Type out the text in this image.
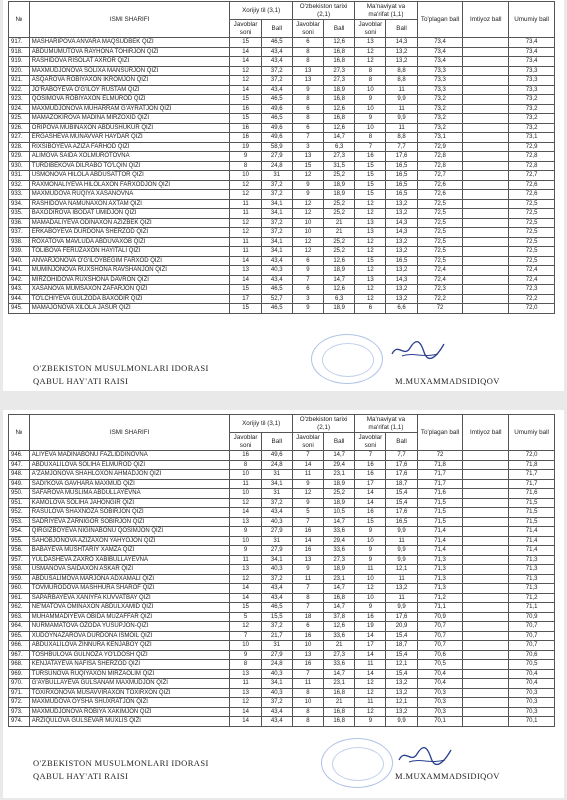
№	ISMI SHARIFI	Xorijiy til (3,1)		O'zbekiston tarixi (2,1)		Ma'naviyat va ma'rifat (1,1)		To'plagan ball	Imtiyoz ball	Umumiy ball
		Javoblar soni	Ball	Javoblar soni	Ball	Javoblar soni	Ball			
917.	MASHARIPOVA ANVARA MAQSUDBEK QIZI	15	46,5	6	12,6	13	14,3	73,4		73,4
918.	ABDUMUMUTOVA RAYHONA TOHIRJON QIZI	14	43,4	8	16,8	12	13,2	73,4		73,4
919.	RASHIDOVA RISOLAT AXROR QIZI	14	43,4	8	16,8	12	13,2	73,4		73,4
920.	MAXMUDJONOVA SOLIXA MANSURJON QIZI	12	37,2	13	27,3	8	8,8	73,3		73,3
921.	ASQAROVA ROBIYAXON IKROMJON QIZI	12	37,2	13	27,3	8	8,8	73,3		73,3
922.	JO'RABOYEVA O'G'ILOY RUSTAM QIZI	14	43,4	9	18,9	10	11	73,3		73,3
923.	QOSIMOVA ROBIYAXON ELMUROD QIZI	15	46,5	8	16,8	9	9,9	73,2		73,2
924.	MAXMUDJONOVA MUHARRAM G'AYRATJON QIZI	16	49,6	6	12,6	10	11	73,2		73,2
925.	MAMAZOKIROVA MADINA MIRZOXID QIZI	15	46,5	8	16,8	9	9,9	73,2		73,2
926.	ORIPOVA MUBINAXON ABDUSHUKUR QIZI	16	49,6	6	12,6	10	11	73,2		73,2
927.	ERGASHEVA MUNAVVAR HAYDAR QIZI	16	49,6	7	14,7	8	8,8	73,1		73,1
928.	RIXSIBOYEVA AZIZA FARHOD QIZI	19	58,9	3	6,3	7	7,7	72,9		72,9
929.	ALIMOVA SAIDA XOLMUROTOVNA	9	27,9	13	27,3	16	17,6	72,8		72,8
930.	TURDIBEKOVA DILRABO TO'LQIN QIZI	8	24,8	15	31,5	15	16,5	72,8		72,8
931.	USMONOVA HILOLA ABDUSATTOR QIZI	10	31	12	25,2	15	16,5	72,7		72,7
932.	RAXMONALIYEVA HILOLAXON FARXODJON QIZI	12	37,2	9	18,9	15	16,5	72,6		72,6
933.	MAXMUDOVA RUQIYA XASANOVNA	12	37,2	9	18,9	15	16,5	72,6		72,6
934.	RASHIDOVA NAMUNAXON AXTAM QIZI	11	34,1	12	25,2	12	13,2	72,5		72,5
935.	BAXODIROVA IBODAT UMIDJON QIZI	11	34,1	12	25,2	12	13,2	72,5		72,5
936.	MAMADALIYEVA ODINAXON AZIZBEK QIZI	12	37,2	10	21	13	14,3	72,5		72,5
937.	ERKABOYEVA DURDONA SHERZOD QIZI	12	37,2	10	21	13	14,3	72,5		72,5
938.	ROXATOVA MAVLUDA ABDUVAXOB QIZI	11	34,1	12	25,2	12	13,2	72,5		72,5
939.	TOLIBOVA FERUZAXON HAYITALI QIZI	11	34,1	12	25,2	12	13,2	72,5		72,5
940.	ANVARJONOVA O'G'ILOYBEGIM FARXOD QIZI	14	43,4	6	12,6	15	16,5	72,5		72,5
941.	MUMINJONOVA RUXSHONA RAVSHANJON QIZI	13	40,3	9	18,9	12	13,2	72,4		72,4
942.	MIRZOHIDOVA RUXSHONA DAVRON QIZI	14	43,4	7	14,7	13	14,3	72,4		72,4
943.	XASANOVA MUMSAXON ZAFARJON QIZI	15	46,5	6	12,6	12	13,2	72,3		72,3
944.	TO'LCHIYEVA GULZODA BAXODIR QIZI	17	52,7	3	6,3	12	13,2	72,2		72,2
945.	MAMAJONOVA XILOLA JASUR QIZI	15	46,5	9	18,9	6	6,6	72		72,0
O'ZBEKISTON MUSULMONLARI IDORASI
QABUL HAY'ATI RAISI	M.MUXAMMADSIDIQOV
№	ISMI SHARIFI	Xorijiy til (3,1)		O'zbekiston tarixi (2,1)		Ma'naviyat va ma'rifat (1,1)		To'plagan ball	Imtiyoz ball	Umumiy ball
		Javoblar soni	Ball	Javoblar soni	Ball	Javoblar soni	Ball			
946.	ALIYEVA MADINABONU FAZLIDDINOVNA	16	49,6	7	14,7	7	7,7	72		72,0
947.	ABDUXALILOVA SOLIHA ELMUROD QIZI	8	24,8	14	29,4	16	17,6	71,8		71,8
948.	A'ZAMJONOVA SHAHLOXON AHMADJON QIZI	10	31	11	23,1	16	17,6	71,7		71,7
949.	SADI'KOVA GAVHARA MAXMUD QIZI	11	34,1	9	18,9	17	18,7	71,7		71,7
950.	SAFAROVA MUSLIMA ABDULLAYEVNA	10	31	12	25,2	14	15,4	71,6		71,6
951.	KAMOLOVA SOLIHA JAHONGIR QIZI	12	37,2	9	18,9	14	15,4	71,5		71,5
952.	RASULOVA SHAXNOZA SOBIRJON QIZI	14	43,4	5	10,5	16	17,6	71,5		71,5
953.	SADRIYEVA ZARNIGOR SOBIRJON QIZI	13	40,3	7	14,7	15	16,5	71,5		71,5
954.	QIRGIZBOYEVA NIGINABONU QOSIMJON QIZI	9	27,9	16	33,6	9	9,9	71,4		71,4
955.	SAHOBJONOVA AZIZAXON YAHYOJON QIZI	10	31	14	29,4	10	11	71,4		71,4
956.	BABAYEVA MUSHTARIY XAMZA QIZI	9	27,9	16	33,6	9	9,9	71,4		71,4
957.	YULDASHEVA ZAXRO XABIBULLAYEVNA	11	34,1	13	27,3	9	9,9	71,3		71,3
958.	USMANOVA SAIDAXON ASKAR QIZI	13	40,3	9	18,9	11	12,1	71,3		71,3
959.	ABDUSALIMOVA MARJONA ADXAMALI QIZI	12	37,2	11	23,1	10	11	71,3		71,3
960.	TOVMURODOVA MASHHURA SHAROF QIZI	14	43,4	7	14,7	12	13,2	71,3		71,3
961.	SAPARBAYEVA XANIYFA KUVVATBAY QIZI	14	43,4	8	16,8	10	11	71,2		71,2
962.	NE'MATOVA OMINAXON ABDULXAMID QIZI	15	46,5	7	14,7	9	9,9	71,1		71,1
963.	MUHAMMADIYEVA OBIDA MUZAFFAR QIZI	5	15,5	18	37,8	16	17,6	70,9		70,9
964.	NURMAMATOVA OZODA YUSUPJON-QIZI	12	37,2	6	12,6	19	20,9	70,7		70,7
965.	XUDOYNAZAROVA DURDONA ISMOIL QIZI	7	21,7	16	33,6	14	15,4	70,7		70,7
966.	ABDUXALILOVA ZINNURA KENJABOY QIZI	10	31	10	21	17	18,7	70,7		70,7
967.	TOSHBULOVA GULNOZA YO'LDOSH QIZI	9	27,9	13	27,3	14	15,4	70,6		70,6
968.	KENJATAYEVA NAFISA SHERZOD QIZI	8	24,8	16	33,6	11	12,1	70,5		70,5
969.	TURSUNOVA RUQIYAXON MIRZAOLIM QIZI	13	40,3	7	14,7	14	15,4	70,4		70,4
970.	G'AYBULLAYEVA GULSANAM MAXMUDJON QIZI	11	34,1	11	23,1	12	13,2	70,4		70,4
971.	TOXIRXONOVA MUSAVVIRAXON TOXIRXON QIZI	13	40,3	8	16,8	12	13,2	70,3		70,3
972.	MAXMUDOVA OYSHA SHUXRATJON QIZI	12	37,2	10	21	11	12,1	70,3		70,3
973.	MAXMUDJONOVA ROBIYA XAKIMJON QIZI	14	43,4	8	16,8	12	13,2	70,3		70,3
974.	ARZIQULOVA GULSEVAR MUXLIS QIZI	14	43,4	8	16,8	9	9,9	70,1		70,1
O'ZBEKISTON MUSULMONLARI IDORASI
QABUL HAY'ATI RAISI	M.MUXAMMADSIDIQOV
